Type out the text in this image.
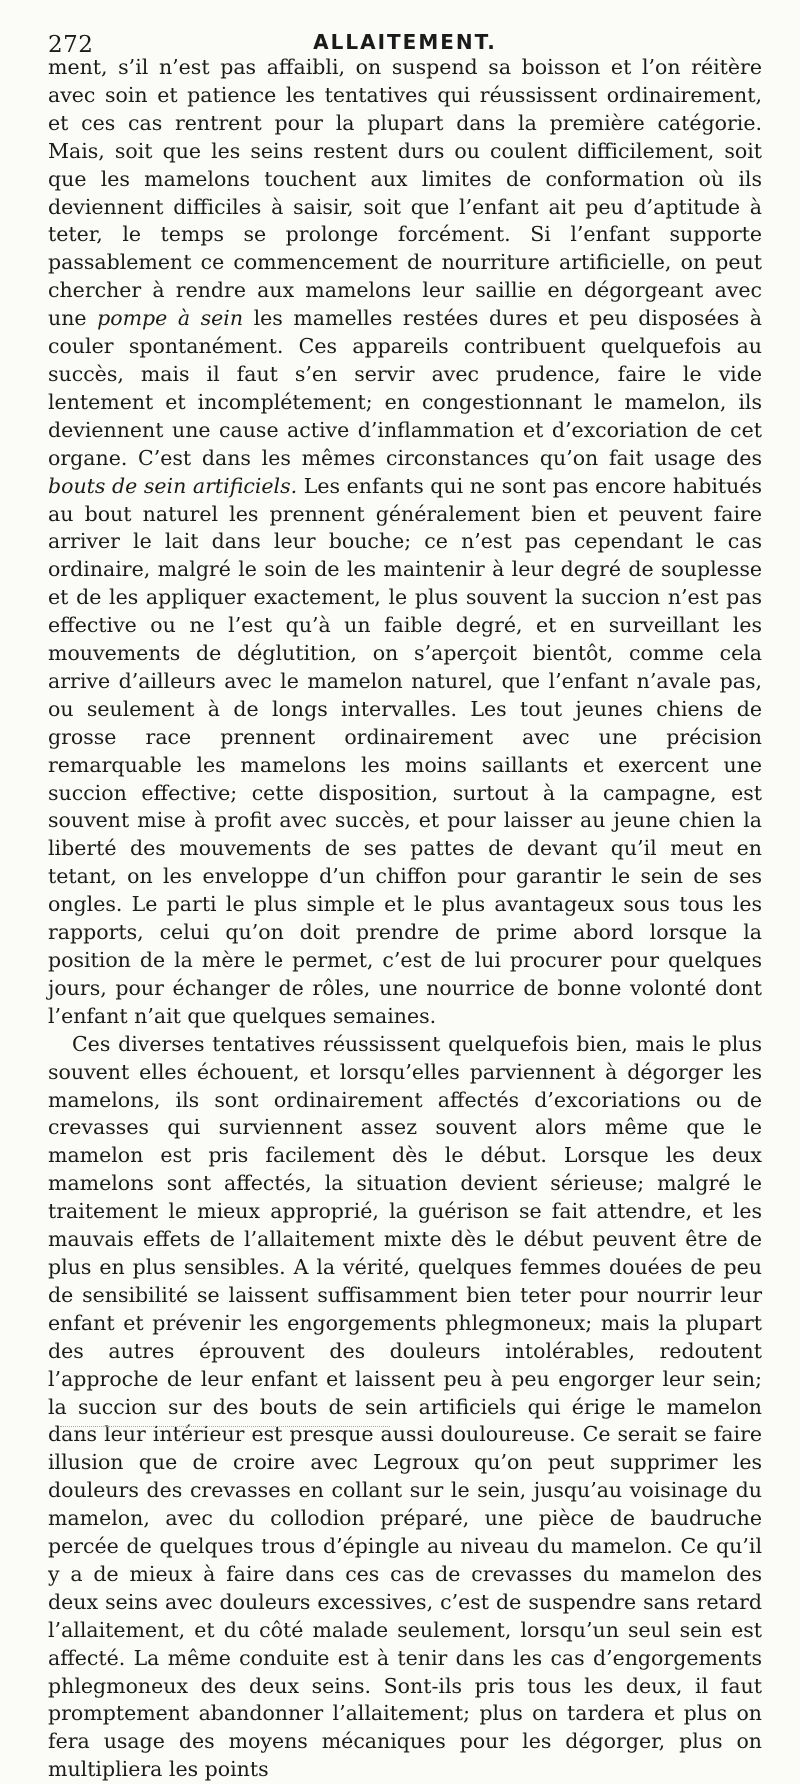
272	ALLAITEMENT.

ment, s’il n’est pas affaibli, on suspend sa boisson et l’on réitère avec soin et patience les tentatives qui réussissent ordinairement, et ces cas rentrent pour la plupart dans la première catégorie. Mais, soit que les seins restent durs ou coulent difficilement, soit que les mamelons touchent aux limites de conformation où ils deviennent difficiles à saisir, soit que l’enfant ait peu d’aptitude à teter, le temps se prolonge forcément. Si l’enfant supporte passablement ce commencement de nourriture artificielle, on peut chercher à rendre aux mamelons leur saillie en dégorgeant avec une pompe à sein les mamelles restées dures et peu disposées à couler spontanément. Ces appareils contribuent quelquefois au succès, mais il faut s’en servir avec prudence, faire le vide lentement et incomplétement; en congestionnant le mamelon, ils deviennent une cause active d’inflammation et d’excoriation de cet organe. C’est dans les mêmes circonstances qu’on fait usage des bouts de sein artificiels. Les enfants qui ne sont pas encore habitués au bout naturel les prennent généralement bien et peuvent faire arriver le lait dans leur bouche; ce n’est pas cependant le cas ordinaire, malgré le soin de les maintenir à leur degré de souplesse et de les appliquer exactement, le plus souvent la succion n’est pas effective ou ne l’est qu’à un faible degré, et en surveillant les mouvements de déglutition, on s’aperçoit bientôt, comme cela arrive d’ailleurs avec le mamelon naturel, que l’enfant n’avale pas, ou seulement à de longs intervalles. Les tout jeunes chiens de grosse race prennent ordinairement avec une précision remarquable les mamelons les moins saillants et exercent une succion effective; cette disposition, surtout à la campagne, est souvent mise à profit avec succès, et pour laisser au jeune chien la liberté des mouvements de ses pattes de devant qu’il meut en tetant, on les enveloppe d’un chiffon pour garantir le sein de ses ongles. Le parti le plus simple et le plus avantageux sous tous les rapports, celui qu’on doit prendre de prime abord lorsque la position de la mère le permet, c’est de lui procurer pour quelques jours, pour échanger de rôles, une nourrice de bonne volonté dont l’enfant n’ait que quelques semaines.

Ces diverses tentatives réussissent quelquefois bien, mais le plus souvent elles échouent, et lorsqu’elles parviennent à dégorger les mamelons, ils sont ordinairement affectés d’excoriations ou de crevasses qui surviennent assez souvent alors même que le mamelon est pris facilement dès le début. Lorsque les deux mamelons sont affectés, la situation devient sérieuse; malgré le traitement le mieux approprié, la guérison se fait attendre, et les mauvais effets de l’allaitement mixte dès le début peuvent être de plus en plus sensibles. A la vérité, quelques femmes douées de peu de sensibilité se laissent suffisamment bien teter pour nourrir leur enfant et prévenir les engorgements phlegmoneux; mais la plupart des autres éprouvent des douleurs intolérables, redoutent l’approche de leur enfant et laissent peu à peu engorger leur sein; la succion sur des bouts de sein artificiels qui érige le mamelon dans leur intérieur est presque aussi douloureuse. Ce serait se faire illusion que de croire avec Legroux qu’on peut supprimer les douleurs des crevasses en collant sur le sein, jusqu’au voisinage du mamelon, avec du collodion préparé, une pièce de baudruche percée de quelques trous d’épingle au niveau du mamelon. Ce qu’il y a de mieux à faire dans ces cas de crevasses du mamelon des deux seins avec douleurs excessives, c’est de suspendre sans retard l’allaitement, et du côté malade seulement, lorsqu’un seul sein est affecté. La même conduite est à tenir dans les cas d’engorgements phlegmoneux des deux seins. Sont-ils pris tous les deux, il faut promptement abandonner l’allaitement; plus on tardera et plus on fera usage des moyens mécaniques pour les dégorger, plus on multipliera les points
